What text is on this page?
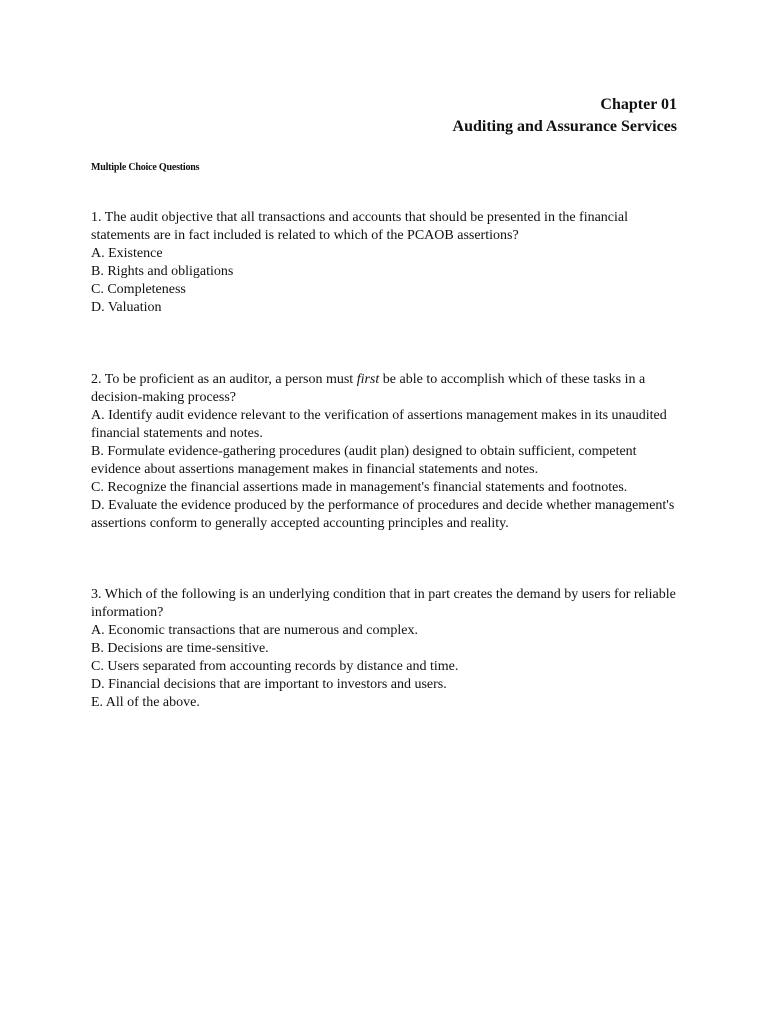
Chapter 01
Auditing and Assurance Services
Multiple Choice Questions

1. The audit objective that all transactions and accounts that should be presented in the financial statements are in fact included is related to which of the PCAOB assertions?

A. Existence

B. Rights and obligations

C. Completeness

D. Valuation

2. To be proficient as an auditor, a person must first be able to accomplish which of these tasks in a decision-making process?

A. Identify audit evidence relevant to the verification of assertions management makes in its unaudited financial statements and notes.

B. Formulate evidence-gathering procedures (audit plan) designed to obtain sufficient, competent evidence about assertions management makes in financial statements and notes.

C. Recognize the financial assertions made in management's financial statements and footnotes.

D. Evaluate the evidence produced by the performance of procedures and decide whether management's assertions conform to generally accepted accounting principles and reality.

3. Which of the following is an underlying condition that in part creates the demand by users for reliable information?

A. Economic transactions that are numerous and complex.

B. Decisions are time-sensitive.

C. Users separated from accounting records by distance and time.

D. Financial decisions that are important to investors and users.

E. All of the above.
